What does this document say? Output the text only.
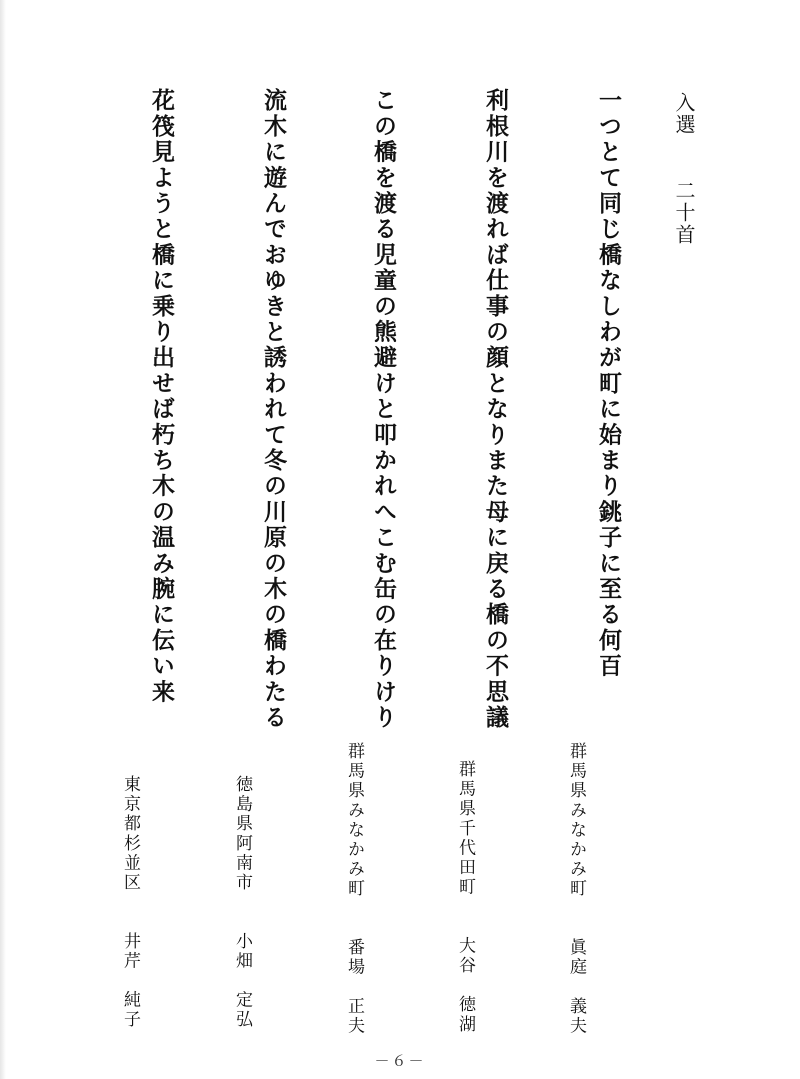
入選　　二十首
一つとて同じ橋なしわが町に始まり銚子に至る何百
利根川を渡れば仕事の顔となりまた母に戻る橋の不思議
この橋を渡る児童の熊避けと叩かれへこむ缶の在りけり
流木に遊んでおゆきと誘われて冬の川原の木の橋わたる
花筏見ようと橋に乗り出せば朽ち木の温み腕に伝い来
群馬県みなかみ町　　眞庭　義夫
群馬県千代田町　　大谷　徳湖
群馬県みなかみ町　　番場　正夫
徳島県阿南市　　小畑　定弘
東京都杉並区　　井芹　純子
－６－
